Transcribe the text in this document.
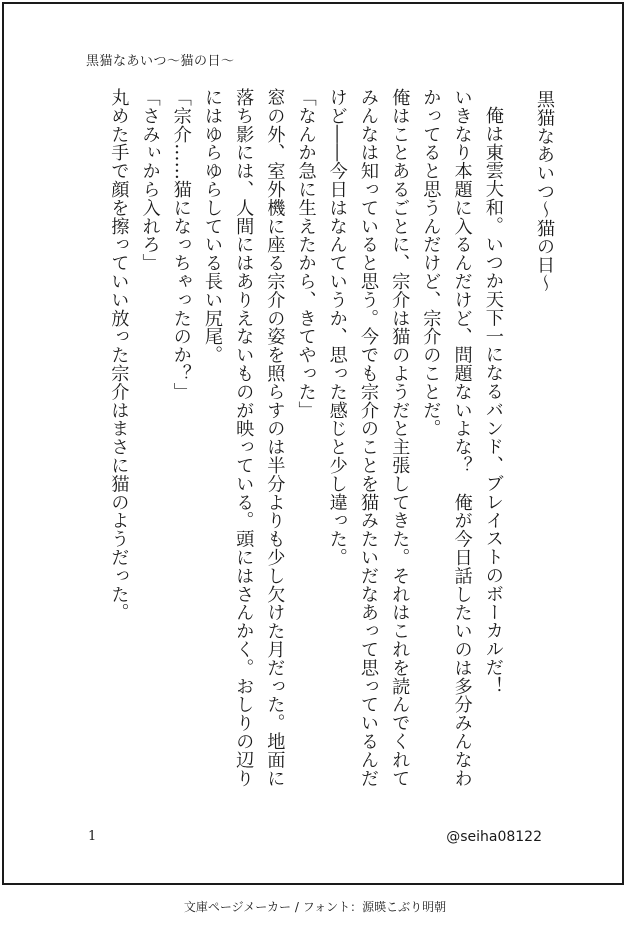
黒猫なあいつ〜猫の日〜

黒猫なあいつ〜猫の日〜

俺は東雲大和。いつか天下一になるバンド、ブレイストのボーカルだ！

いきなり本題に入るんだけど、問題ないよな？　俺が今日話したいのは多分みんなわかってると思うんだけど、宗介のことだ。

俺はことあるごとに、宗介は猫のようだと主張してきた。それはこれを読んでくれてみんなは知っていると思う。今でも宗介のことを猫みたいだなあって思っているんだけど――今日はなんていうか、思った感じと少し違った。

「なんか急に生えたから、きてやった」

窓の外、室外機に座る宗介の姿を照らすのは半分よりも少し欠けた月だった。地面に落ち影には、人間にはありえないものが映っている。頭にはさんかく。おしりの辺りにはゆらゆらしている長い尻尾。

「宗介……猫になっちゃったのか？」

「さみぃから入れろ」

丸めた手で顔を擦っていい放った宗介はまさに猫のようだった。

1	@seiha08122
文庫ページメーカー / フォント：源暎こぶり明朝
